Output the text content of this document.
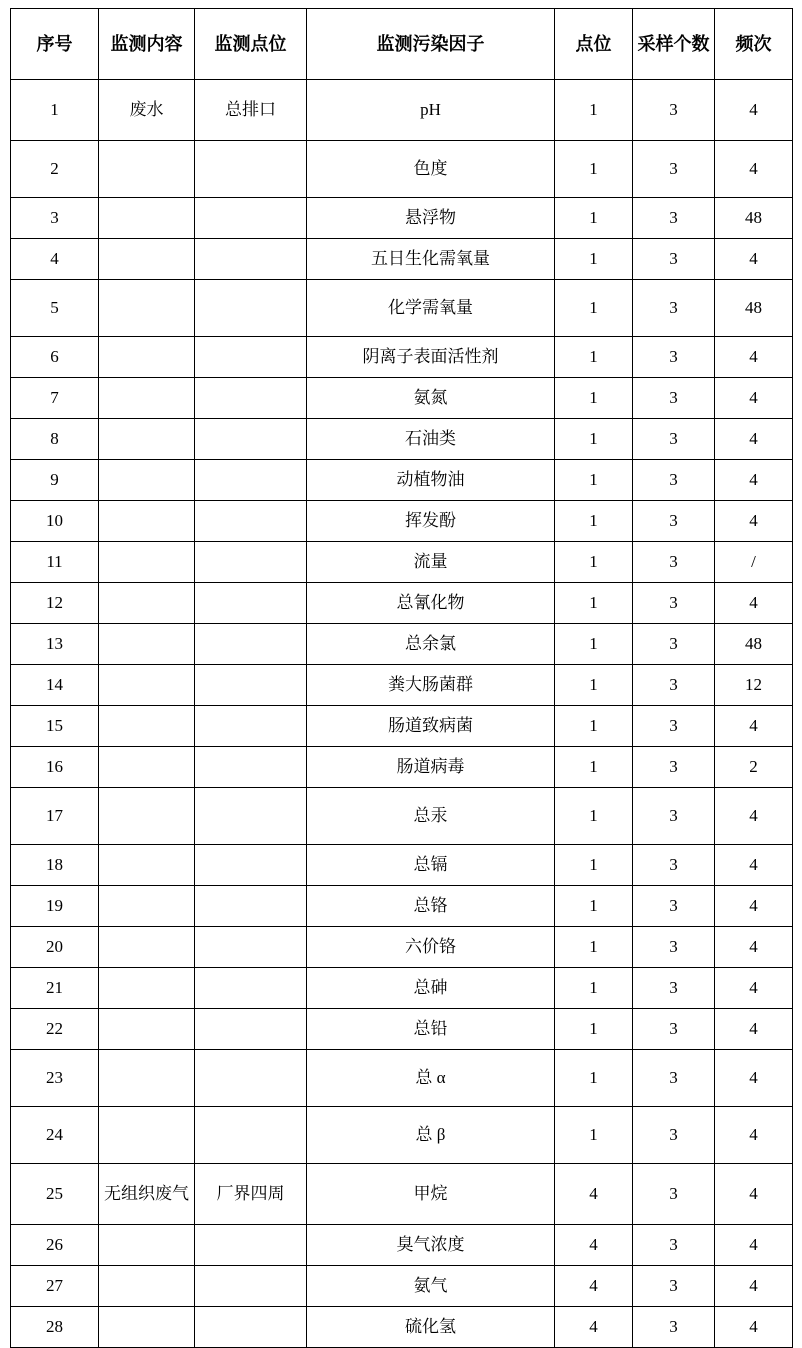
序号	监测内容	监测点位	监测污染因子	点位	采样个数	频次
1	废水	总排口	pH	1	3	4
2			色度	1	3	4
3			悬浮物	1	3	48
4			五日生化需氧量	1	3	4
5			化学需氧量	1	3	48
6			阴离子表面活性剂	1	3	4
7			氨氮	1	3	4
8			石油类	1	3	4
9			动植物油	1	3	4
10			挥发酚	1	3	4
11			流量	1	3	/
12			总氰化物	1	3	4
13			总余氯	1	3	48
14			粪大肠菌群	1	3	12
15			肠道致病菌	1	3	4
16			肠道病毒	1	3	2
17			总汞	1	3	4
18			总镉	1	3	4
19			总铬	1	3	4
20			六价铬	1	3	4
21			总砷	1	3	4
22			总铅	1	3	4
23			总 α	1	3	4
24			总 β	1	3	4
25	无组织废气	厂界四周	甲烷	4	3	4
26			臭气浓度	4	3	4
27			氨气	4	3	4
28			硫化氢	4	3	4
